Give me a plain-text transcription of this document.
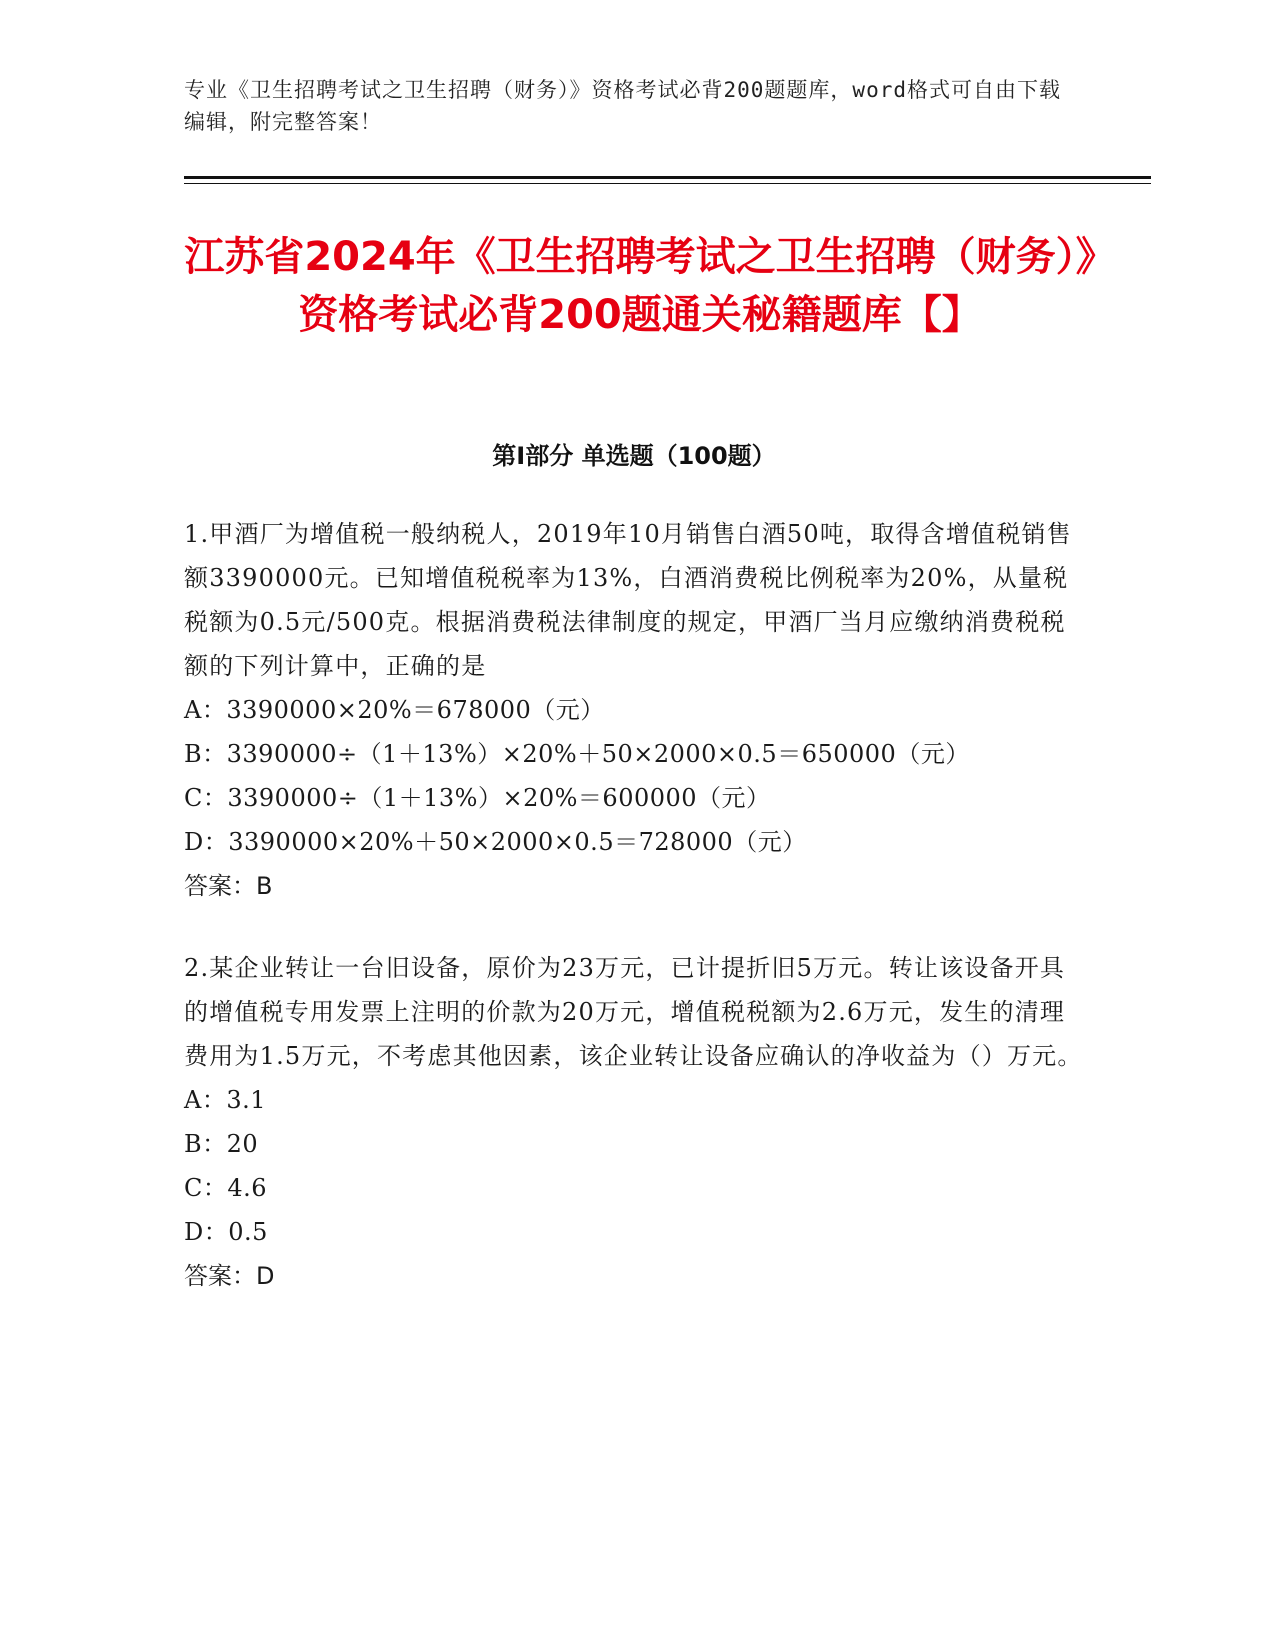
专业《卫生招聘考试之卫生招聘（财务）》资格考试必背200题题库，word格式可自由下载编辑，附完整答案！
江苏省2024年《卫生招聘考试之卫生招聘（财务）》资格考试必背200题通关秘籍题库【】
第I部分 单选题（100题）

1.甲酒厂为增值税一般纳税人，2019年10月销售白酒50吨，取得含增值税销售额3390000元。已知增值税税率为13%，白酒消费税比例税率为20%，从量税税额为0.5元/500克。根据消费税法律制度的规定，甲酒厂当月应缴纳消费税税额的下列计算中，正确的是

A：3390000×20%＝678000（元）

B：3390000÷（1＋13%）×20%＋50×2000×0.5＝650000（元）

C：3390000÷（1＋13%）×20%＝600000（元）

D：3390000×20%＋50×2000×0.5＝728000（元）

答案：B

2.某企业转让一台旧设备，原价为23万元，已计提折旧5万元。转让该设备开具的增值税专用发票上注明的价款为20万元，增值税税额为2.6万元，发生的清理费用为1.5万元，不考虑其他因素，该企业转让设备应确认的净收益为（）万元。

A：3.1

B：20

C：4.6

D：0.5

答案：D
